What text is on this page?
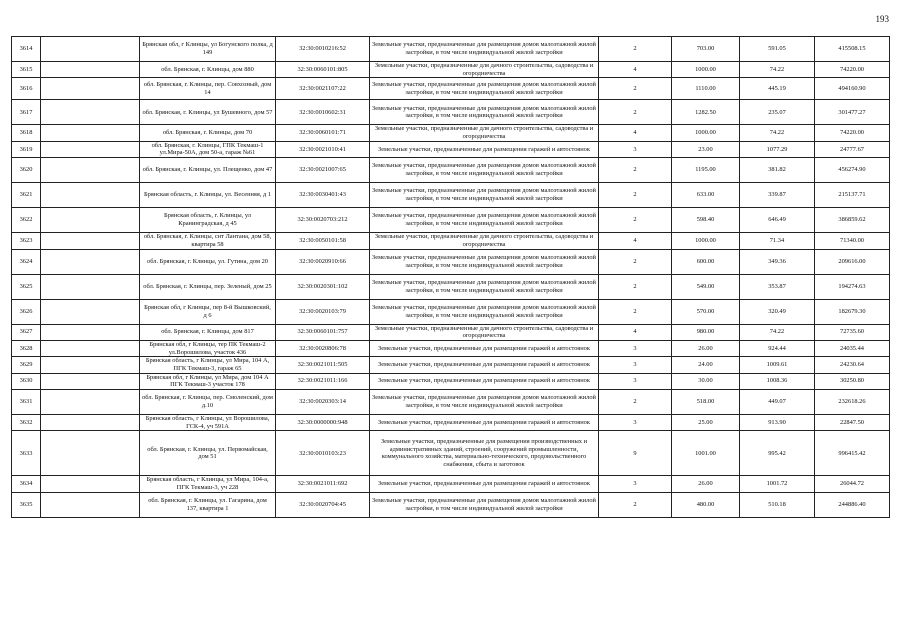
193
3614		Брянская обл, г Клинцы, ул Богунского полка, д 149	32:30:0010216:52	Земельные участки, предназначенные для размещения домов малоэтажной жилой застройки, в том числе индивидуальной жилой застройки	2	703.00	591.05	415508.15
3615		обл. Брянская, г. Клинцы, дом 880	32:30:0060101:805	Земельные участки, предназначенные для дачного строительства, садоводства и огородничества	4	1000.00	74.22	74220.00
3616		обл. Брянская, г. Клинцы, пер. Совхозный, дом 14	32:30:0021107:22	Земельные участки, предназначенные для размещения домов малоэтажной жилой застройки, в том числе индивидуальной жилой застройки	2	1110.00	445.19	494160.90
3617		обл. Брянская, г. Клинцы, ул Бушевного, дом 57	32:30:0010602:31	Земельные участки, предназначенные для размещения домов малоэтажной жилой застройки, в том числе индивидуальной жилой застройки	2	1282.50	235.07	301477.27
3618		обл. Брянская, г. Клинцы, дом 70	32:30:0060101:71	Земельные участки, предназначенные для дачного строительства, садоводства и огородничества	4	1000.00	74.22	74220.00
3619		обл. Брянская, г. Клинцы, ГПК Текмаш-1 ул.Мира-50А, дом 50-а, гараж №61	32:30:0021010:41	Земельные участки, предназначенные для размещения гаражей и автостоянок	3	23.00	1077.29	24777.67
3620		обл. Брянская, г. Клинцы, ул. Плещенко, дом 47	32:30:0021007:65	Земельные участки, предназначенные для размещения домов малоэтажной жилой застройки, в том числе индивидуальной жилой застройки	2	1195.00	381.82	456274.90
3621		Брянская область, г. Клинцы, ул. Весенняя, д 1	32:30:0030401:43	Земельные участки, предназначенные для размещения домов малоэтажной жилой застройки, в том числе индивидуальной жилой застройки	2	633.00	339.87	215137.71
3622		Брянская область, г. Клинцы, ул Кранинградская, д 45	32:30:0020703:212	Земельные участки, предназначенные для размещения домов малоэтажной жилой застройки, в том числе индивидуальной жилой застройки	2	598.40	646.49	386859.62
3623		обл. Брянская, г. Клинцы, снт Лантана, дом 58, квартира 58	32:30:0050101:58	Земельные участки, предназначенные для дачного строительства, садоводства и огородничества	4	1000.00	71.34	71340.00
3624		обл. Брянская, г. Клинцы, ул. Гутина, дом 20	32:30:0020910:66	Земельные участки, предназначенные для размещения домов малоэтажной жилой застройки, в том числе индивидуальной жилой застройки	2	600.00	349.36	209616.00
3625		обл. Брянская, г. Клинцы, пер. Зеленый, дом 25	32:30:0020301:102	Земельные участки, предназначенные для размещения домов малоэтажной жилой застройки, в том числе индивидуальной жилой застройки	2	549.00	353.87	194274.63
3626		Брянская обл, г Клинцы, пер 8-й Вышковский, д 6	32:30:0020103:79	Земельные участки, предназначенные для размещения домов малоэтажной жилой застройки, в том числе индивидуальной жилой застройки	2	570.00	320.49	182679.30
3627		обл. Брянская, г. Клинцы, дом 817	32:30:0060101:757	Земельные участки, предназначенные для дачного строительства, садоводства и огородничества	4	980.00	74.22	72735.60
3628		Брянская обл, г Клинцы, тер ПК Текмаш-2 ул.Ворошилова, участок 436	32:30:0020806:78	Земельные участки, предназначенные для размещения гаражей и автостоянок	3	26.00	924.44	24035.44
3629		Брянская область, г Клинцы, ул Мира, 104 А, ПГК Текмаш-3, гараж 65	32:30:0021011:505	Земельные участки, предназначенные для размещения гаражей и автостоянок	3	24.00	1009.61	24230.64
3630		Брянская обл, г Клинцы, ул Мира, дом 104 А ПГК Текмаш-3 участок 178	32:30:0021011:166	Земельные участки, предназначенные для размещения гаражей и автостоянок	3	30.00	1008.36	30250.80
3631		обл. Брянская, г. Клинцы, пер. Смоленский, дом д.10	32:30:0020303:14	Земельные участки, предназначенные для размещения домов малоэтажной жилой застройки, в том числе индивидуальной жилой застройки	2	518.00	449.07	232618.26
3632		Брянская область, г Клинцы, ул Ворошилова, ГСК-4, уч 591А	32:30:0000000:948	Земельные участки, предназначенные для размещения гаражей и автостоянок	3	25.00	913.90	22847.50
3633		обл. Брянская, г. Клинцы, ул. Первомайская, дом 51	32:30:0010103:23	Земельные участки, предназначенные для размещения производственных и административных зданий, строений, сооружений промышленности, коммунального хозяйства, материально-технического, продовольственного снабжения, сбыта и заготовок	9	1001.00	995.42	996415.42
3634		Брянская область, г Клинцы, ул Мира, 104-а, ПГК Текмаш-3, уч 228	32:30:0021011:692	Земельные участки, предназначенные для размещения гаражей и автостоянок	3	26.00	1001.72	26044.72
3635		обл. Брянская, г. Клинцы, ул. Гагарина, дом 137, квартира 1	32:30:0020704:45	Земельные участки, предназначенные для размещения домов малоэтажной жилой застройки, в том числе индивидуальной жилой застройки	2	480.00	510.18	244886.40
